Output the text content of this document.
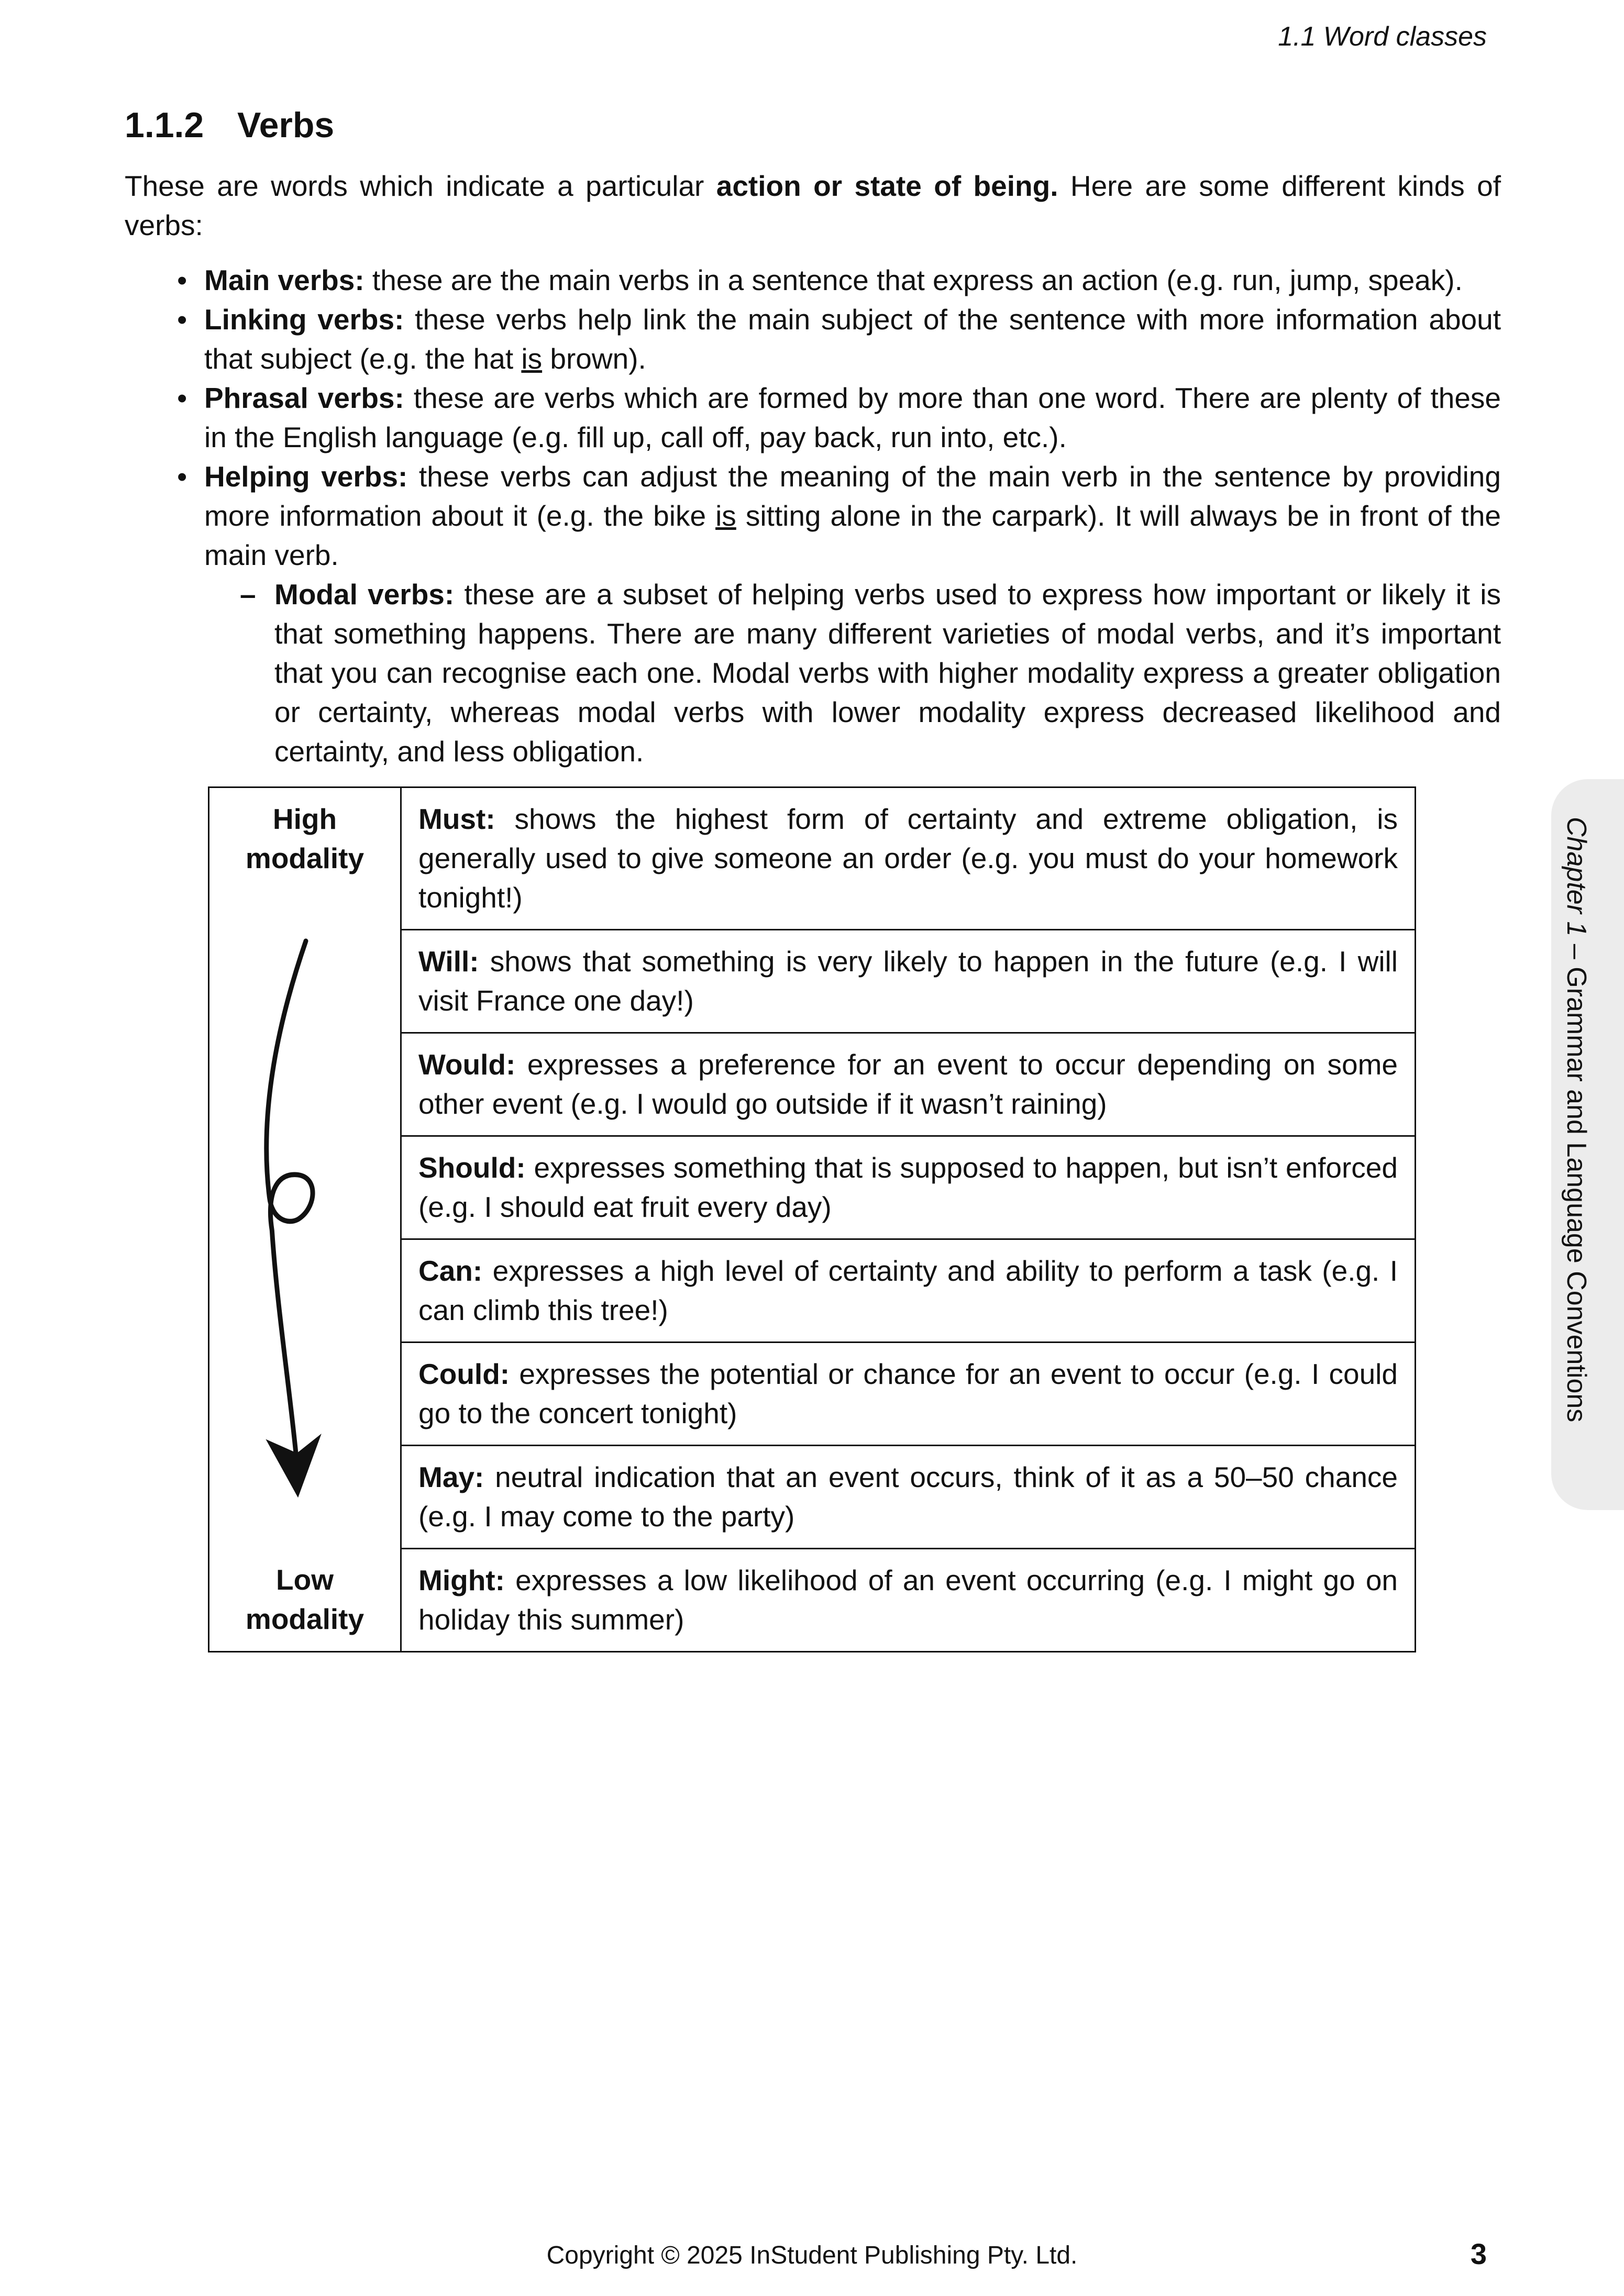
1.1 Word classes
1.1.2 Verbs

These are words which indicate a particular action or state of being. Here are some different kinds of verbs:

• Main verbs: these are the main verbs in a sentence that express an action (e.g. run, jump, speak).
• Linking verbs: these verbs help link the main subject of the sentence with more information about that subject (e.g. the hat is brown).
• Phrasal verbs: these are verbs which are formed by more than one word. There are plenty of these in the English language (e.g. fill up, call off, pay back, run into, etc.).
• Helping verbs: these verbs can adjust the meaning of the main verb in the sentence by providing more information about it (e.g. the bike is sitting alone in the carpark). It will always be in front of the main verb.
– Modal verbs: these are a subset of helping verbs used to express how important or likely it is that something happens. There are many different varieties of modal verbs, and it’s important that you can recognise each one. Modal verbs with higher modality express a greater obligation or certainty, whereas modal verbs with lower modality express decreased likelihood and certainty, and less obligation.
High modality	Must: shows the highest form of certainty and extreme obligation, is generally used to give someone an order (e.g. you must do your homework tonight!)

	Will: shows that something is very likely to happen in the future (e.g. I will visit France one day!)
	Would: expresses a preference for an event to occur depending on some other event (e.g. I would go outside if it wasn’t raining)
	Should: expresses something that is supposed to happen, but isn’t enforced (e.g. I should eat fruit every day)
	Can: expresses a high level of certainty and ability to perform a task (e.g. I can climb this tree!)
	Could: expresses the potential or chance for an event to occur (e.g. I could go to the concert tonight)
	May: neutral indication that an event occurs, think of it as a 50–50 chance (e.g. I may come to the party)
Low modality	Might: expresses a low likelihood of an event occurring (e.g. I might go on holiday this summer)
Chapter 1 – Grammar and Language Conventions
Copyright © 2025 InStudent Publishing Pty. Ltd.	3
